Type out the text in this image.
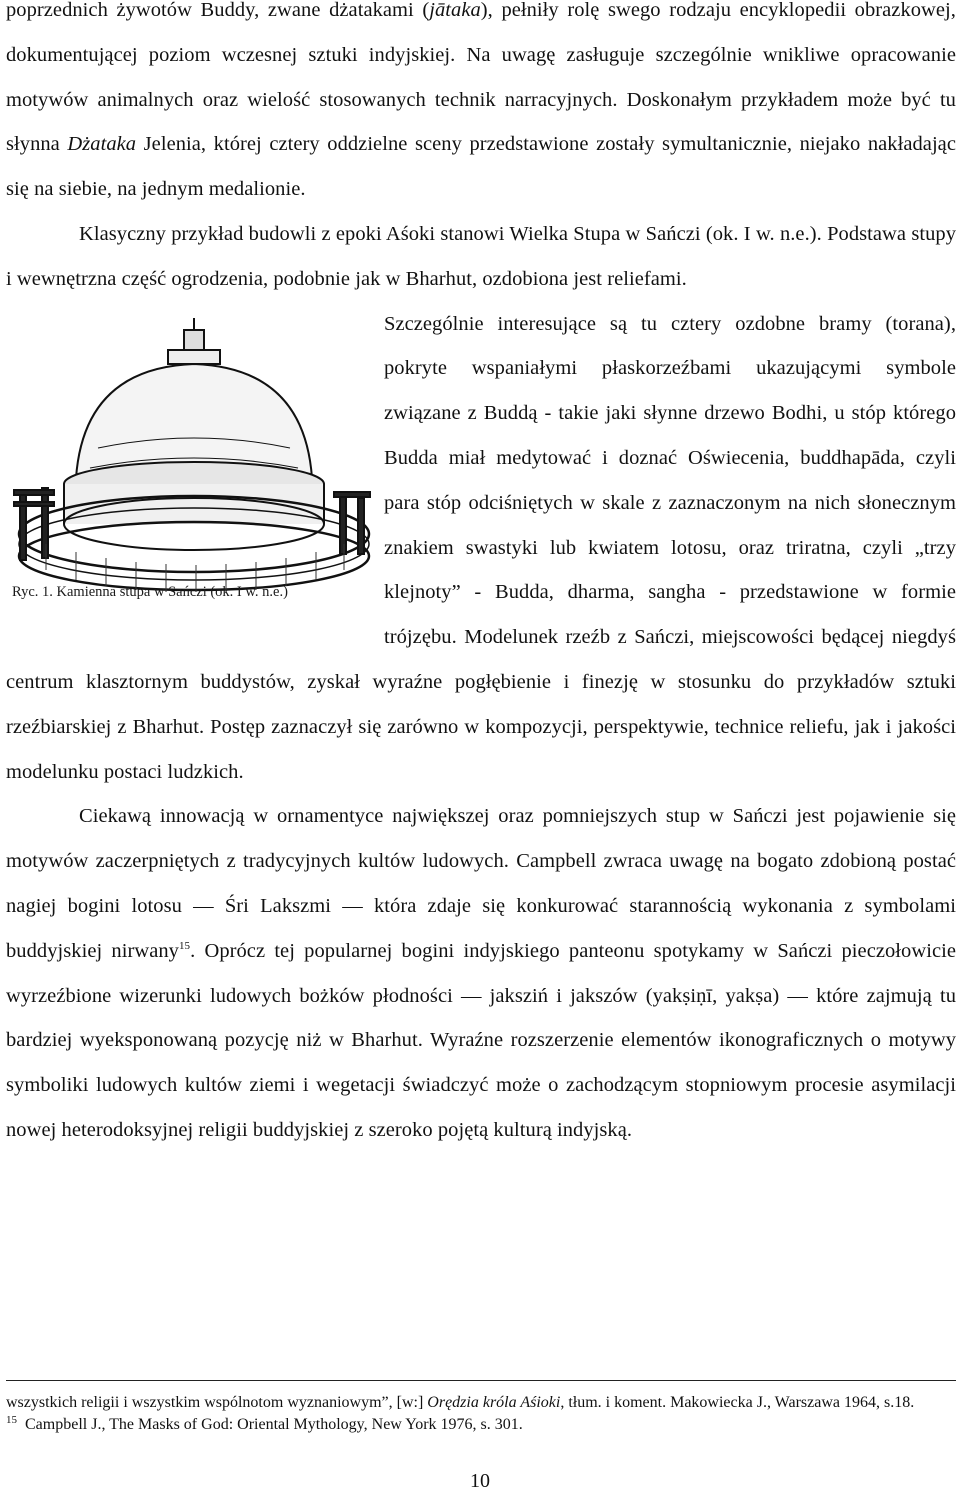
poprzednich żywotów Buddy, zwane dżatakami (jātaka), pełniły rolę swego rodzaju encyklopedii obrazkowej, dokumentującej poziom wczesnej sztuki indyjskiej. Na uwagę zasługuje szczególnie wnikliwe opracowanie motywów animalnych oraz wielość stosowanych technik narracyjnych. Doskonałym przykładem może być tu słynna Dżataka Jelenia, której cztery oddzielne sceny przedstawione zostały symultanicznie, niejako nakładając się na siebie, na jednym medalionie.

Klasyczny przykład budowli z epoki Aśoki stanowi Wielka Stupa w Sańczi (ok. I w. n.e.). Podstawa stupy i wewnętrzna część ogrodzenia, podobnie jak w Bharhut, ozdobiona jest reliefami.

Ryc. 1. Kamienna stupa w Sańczi (ok. I w. n.e.)

Szczególnie interesujące są tu cztery ozdobne bramy (torana), pokryte wspaniałymi płaskorzeźbami ukazującymi symbole związane z Buddą - takie jaki słynne drzewo Bodhi, u stóp którego Budda miał medytować i doznać Oświecenia, buddhapāda, czyli para stóp odciśniętych w skale z zaznaczonym na nich słonecznym znakiem swastyki lub kwiatem lotosu, oraz triratna, czyli „trzy klejnoty” - Budda, dharma, sangha - przedstawione w formie trójzębu. Modelunek rzeźb z Sańczi, miejscowości będącej niegdyś centrum klasztornym buddystów, zyskał wyraźne pogłębienie i finezję w stosunku do przykładów sztuki rzeźbiarskiej z Bharhut. Postęp zaznaczył się zarówno w kompozycji, perspektywie, technice reliefu, jak i jakości modelunku postaci ludzkich.

Ciekawą innowacją w ornamentyce największej oraz pomniejszych stup w Sańczi jest pojawienie się motywów zaczerpniętych z tradycyjnych kultów ludowych. Campbell zwraca uwagę na bogato zdobioną postać nagiej bogini lotosu — Śri Lakszmi — która zdaje się konkurować starannością wykonania z symbolami buddyjskiej nirwany$^{15}$. Oprócz tej popularnej bogini indyjskiego panteonu spotykamy w Sańczi pieczołowicie wyrzeźbione wizerunki ludowych bożków płodności — jaksziń i jakszów (yakṣiṇī, yakṣa) — które zajmują tu bardziej wyeksponowaną pozycję niż w Bharhut. Wyraźne rozszerzenie elementów ikonograficznych o motywy symboliki ludowych kultów ziemi i wegetacji świadczyć może o zachodzącym stopniowym procesie asymilacji nowej heterodoksyjnej religii buddyjskiej z szeroko pojętą kulturą indyjską.

wszystkich religii i wszystkim wspólnotom wyznaniowym”, [w:] Orędzia króla Aśioki, tłum. i koment. Makowiecka J., Warszawa 1964, s.18.

$^{15}$ Campbell J., The Masks of God: Oriental Mythology, New York 1976, s. 301.

10
